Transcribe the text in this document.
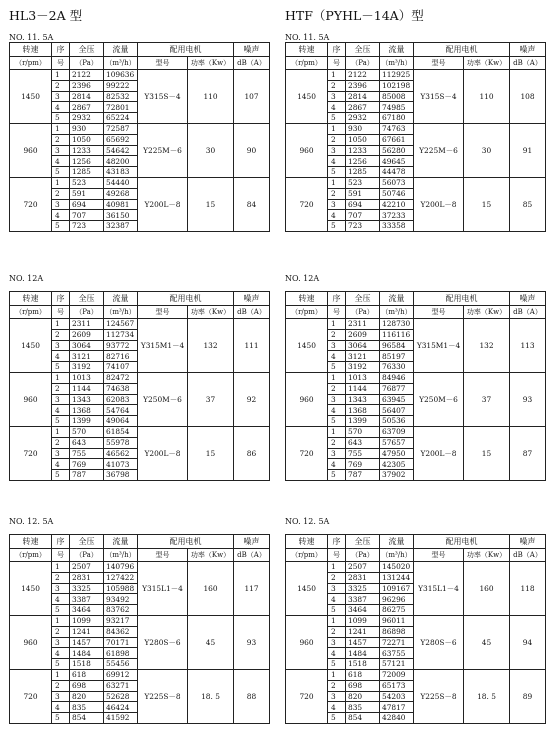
HL3－2A 型
NO. 11. 5A
转速	序	全压	流量	配用电机		噪声
（r/pm）	号	（Pa）	（m³/h）	型号	功率（Kw）	dB（A）
1450	1	2122	109636	Y315S－4	110	107
	2	2396	99222			
	3	2814	82532			
	4	2867	72801			
	5	2932	65224			
960	1	930	72587	Y225M－6	30	90
	2	1050	65692			
	3	1233	54642			
	4	1256	48200			
	5	1285	43183			
720	1	523	54440	Y200L－8	15	84
	2	591	49268			
	3	694	40981			
	4	707	36150			
	5	723	32387			
NO. 12A
转速	序	全压	流量	配用电机		噪声
（r/pm）	号	（Pa）	（m³/h）	型号	功率（Kw）	dB（A）
1450	1	2311	124567	Y315M1－4	132	111
	2	2609	112734			
	3	3064	93772			
	4	3121	82716			
	5	3192	74107			
960	1	1013	82472	Y250M－6	37	92
	2	1144	74638			
	3	1343	62083			
	4	1368	54764			
	5	1399	49064			
720	1	570	61854	Y200L－8	15	86
	2	643	55978			
	3	755	46562			
	4	769	41073			
	5	787	36798			
NO. 12. 5A
转速	序	全压	流量	配用电机		噪声
（r/pm）	号	（Pa）	（m³/h）	型号	功率（Kw）	dB（A）
1450	1	2507	140796	Y315L1－4	160	117
	2	2831	127422			
	3	3325	105988			
	4	3387	93492			
	5	3464	83762			
960	1	1099	93217	Y280S－6	45	93
	2	1241	84362			
	3	1457	70171			
	4	1484	61898			
	5	1518	55456			
720	1	618	69912	Y225S－8	18. 5	88
	2	698	63271			
	3	820	52628			
	4	835	46424			
	5	854	41592			
HTF（PYHL－14A）型
NO. 11. 5A
转速	序	全压	流量	配用电机		噪声
（r/pm）	号	（Pa）	（m³/h）	型号	功率（Kw）	dB（A）
1450	1	2122	112925	Y315S－4	110	108
	2	2396	102198			
	3	2814	85008			
	4	2867	74985			
	5	2932	67180			
960	1	930	74763	Y225M－6	30	91
	2	1050	67661			
	3	1233	56280			
	4	1256	49645			
	5	1285	44478			
720	1	523	56073	Y200L－8	15	85
	2	591	50746			
	3	694	42210			
	4	707	37233			
	5	723	33358			
NO. 12A
转速	序	全压	流量	配用电机		噪声
（r/pm）	号	（Pa）	（m³/h）	型号	功率（Kw）	dB（A）
1450	1	2311	128730	Y315M1－4	132	113
	2	2609	116116			
	3	3064	96584			
	4	3121	85197			
	5	3192	76330			
960	1	1013	84946	Y250M－6	37	93
	2	1144	76877			
	3	1343	63945			
	4	1368	56407			
	5	1399	50536			
720	1	570	63709	Y200L－8	15	87
	2	643	57657			
	3	755	47950			
	4	769	42305			
	5	787	37902			
NO. 12. 5A
转速	序	全压	流量	配用电机		噪声
（r/pm）	号	（Pa）	（m³/h）	型号	功率（Kw）	dB（A）
1450	1	2507	145020	Y315L1－4	160	118
	2	2831	131244			
	3	3325	109167			
	4	3387	96296			
	5	3464	86275			
960	1	1099	96011	Y280S－6	45	94
	2	1241	86898			
	3	1457	72271			
	4	1484	63755			
	5	1518	57121			
720	1	618	72009	Y225S－8	18. 5	89
	2	698	65173			
	3	820	54203			
	4	835	47817			
	5	854	42840			
